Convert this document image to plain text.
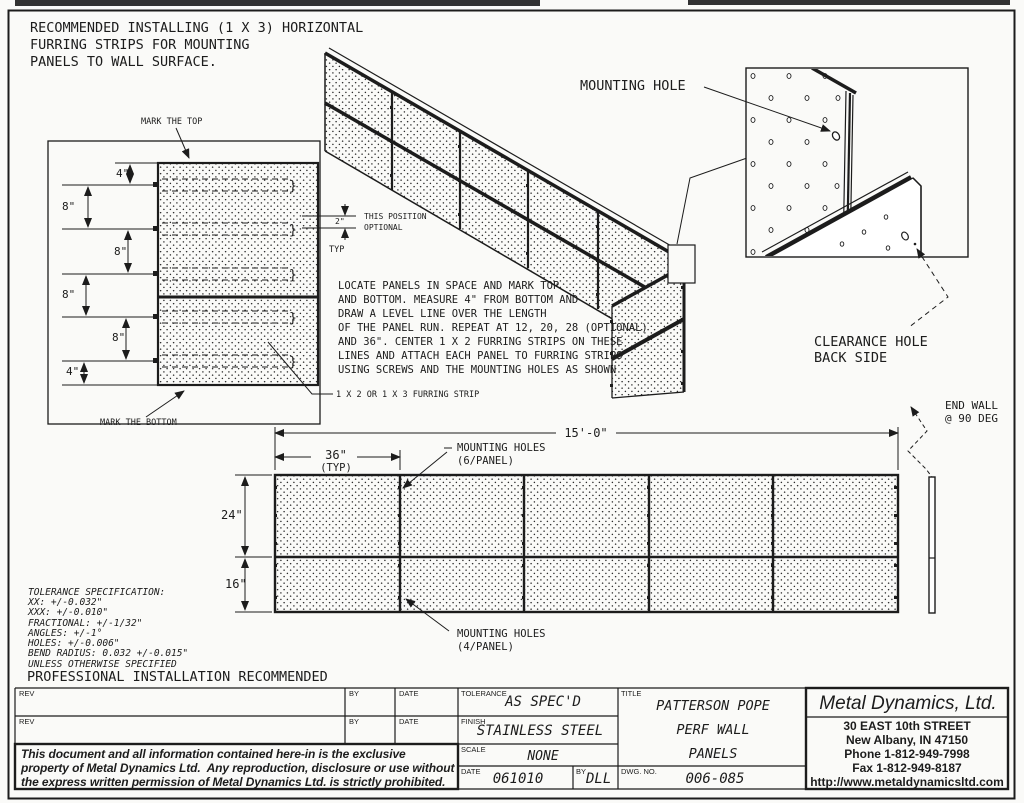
}
}
}
}
}
RECOMMENDED INSTALLING (1 X 3) HORIZONTAL
FURRING STRIPS FOR MOUNTING
PANELS TO WALL SURFACE.
MARK THE TOP
MARK THE BOTTOM
4"
8"
8"
8"
8"
4"
2"
TYP
THIS POSITION
OPTIONAL
1 X 2 OR 1 X 3 FURRING STRIP
LOCATE PANELS IN SPACE AND MARK TOP
AND BOTTOM. MEASURE 4" FROM BOTTOM AND
DRAW A LEVEL LINE OVER THE LENGTH
OF THE PANEL RUN. REPEAT AT 12, 20, 28 (OPTIONAL)
AND 36". CENTER 1 X 2 FURRING STRIPS ON THESE
LINES AND ATTACH EACH PANEL TO FURRING STRIPS
USING SCREWS AND THE MOUNTING HOLES AS SHOWN
MOUNTING HOLE
CLEARANCE HOLE
BACK SIDE
15'-0"
36"
(TYP)
MOUNTING HOLES
(6/PANEL)
MOUNTING HOLES
(4/PANEL)
24"
16"
END WALL
@ 90 DEG
TOLERANCE SPECIFICATION:
XX: +/-0.032"
XXX: +/-0.010"
FRACTIONAL: +/-1/32"
ANGLES: +/-1°
HOLES: +/-0.006"
BEND RADIUS: 0.032 +/-0.015"
UNLESS OTHERWISE SPECIFIED
PROFESSIONAL INSTALLATION RECOMMENDED
REV	BY	DATE
REV	BY	DATE
TOLERANCE
AS SPEC'D
FINISH
STAINLESS STEEL
SCALE	NONE
DATE 061010	BY DLL
TITLE
PATTERSON POPE
PERF WALL
PANELS
DWG. NO.	006-085
This document and all information contained here-in is the exclusive
property of Metal Dynamics Ltd.  Any reproduction, disclosure or use without
the express written permission of Metal Dynamics Ltd. is strictly prohibited.
Metal Dynamics, Ltd.
30 EAST 10th STREET
New Albany, IN 47150
Phone 1-812-949-7998
Fax 1-812-949-8187
http://www.metaldynamicsltd.com
